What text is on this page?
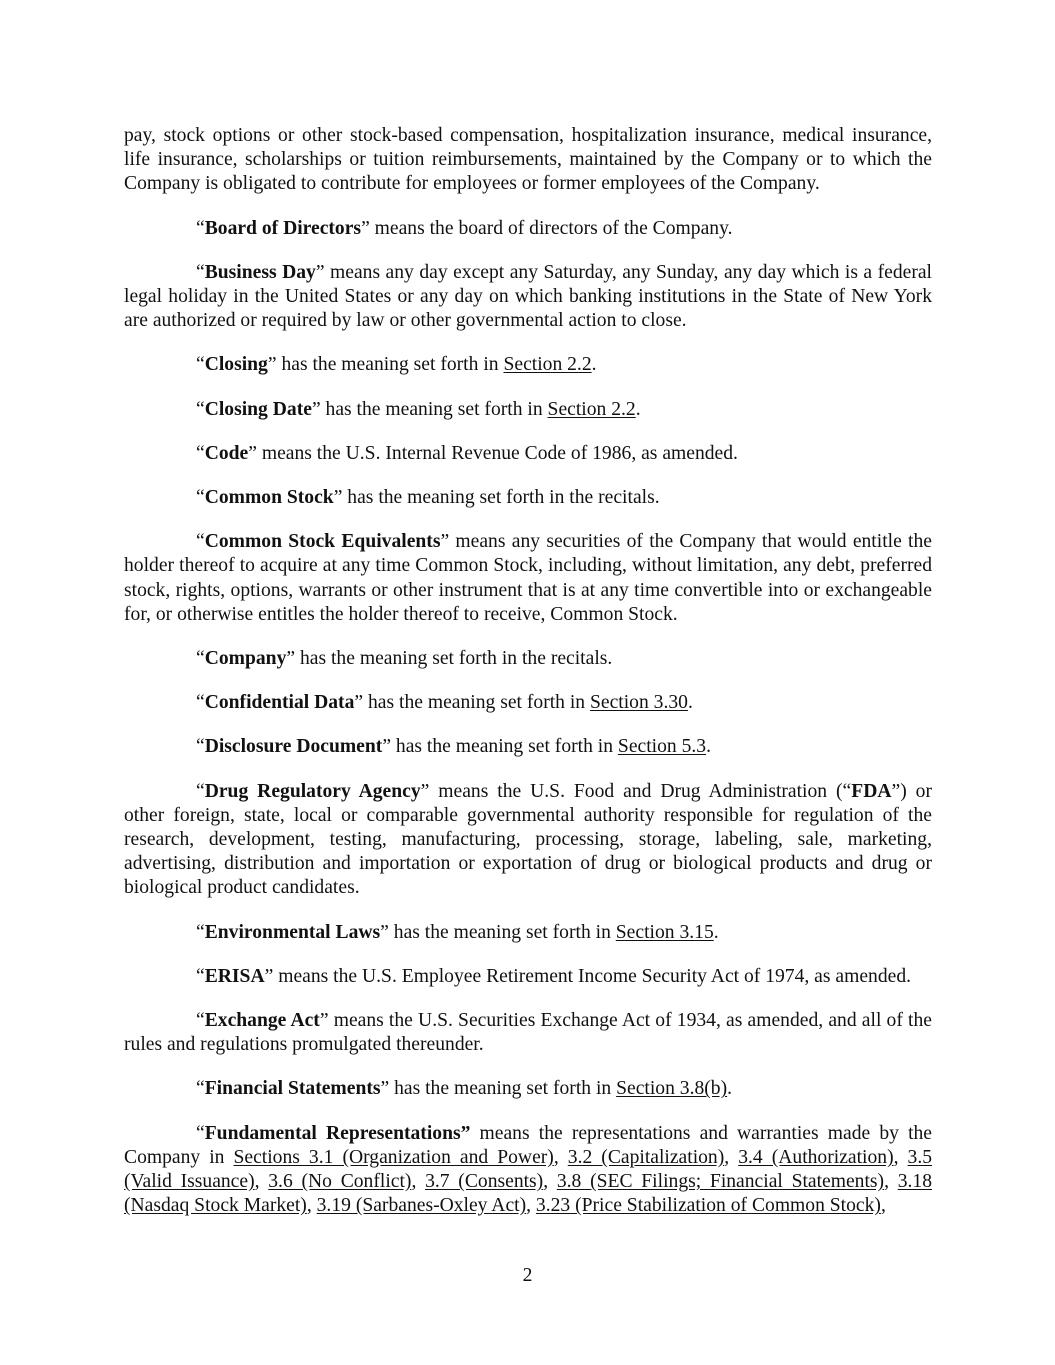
pay, stock options or other stock-based compensation, hospitalization insurance, medical insurance, life insurance, scholarships or tuition reimbursements, maintained by the Company or to which the Company is obligated to contribute for employees or former employees of the Company.

“Board of Directors” means the board of directors of the Company.

“Business Day” means any day except any Saturday, any Sunday, any day which is a federal legal holiday in the United States or any day on which banking institutions in the State of New York are authorized or required by law or other governmental action to close.

“Closing” has the meaning set forth in Section 2.2.

“Closing Date” has the meaning set forth in Section 2.2.

“Code” means the U.S. Internal Revenue Code of 1986, as amended.

“Common Stock” has the meaning set forth in the recitals.

“Common Stock Equivalents” means any securities of the Company that would entitle the holder thereof to acquire at any time Common Stock, including, without limitation, any debt, preferred stock, rights, options, warrants or other instrument that is at any time convertible into or exchangeable for, or otherwise entitles the holder thereof to receive, Common Stock.

“Company” has the meaning set forth in the recitals.

“Confidential Data” has the meaning set forth in Section 3.30.

“Disclosure Document” has the meaning set forth in Section 5.3.

“Drug Regulatory Agency” means the U.S. Food and Drug Administration (“FDA”) or other foreign, state, local or comparable governmental authority responsible for regulation of the research, development, testing, manufacturing, processing, storage, labeling, sale, marketing, advertising, distribution and importation or exportation of drug or biological products and drug or biological product candidates.

“Environmental Laws” has the meaning set forth in Section 3.15.

“ERISA” means the U.S. Employee Retirement Income Security Act of 1974, as amended.

“Exchange Act” means the U.S. Securities Exchange Act of 1934, as amended, and all of the rules and regulations promulgated thereunder.

“Financial Statements” has the meaning set forth in Section 3.8(b).

“Fundamental Representations” means the representations and warranties made by the Company in Sections 3.1 (Organization and Power), 3.2 (Capitalization), 3.4 (Authorization), 3.5 (Valid Issuance), 3.6 (No Conflict), 3.7 (Consents), 3.8 (SEC Filings; Financial Statements), 3.18 (Nasdaq Stock Market), 3.19 (Sarbanes-Oxley Act), 3.23 (Price Stabilization of Common Stock),

2
